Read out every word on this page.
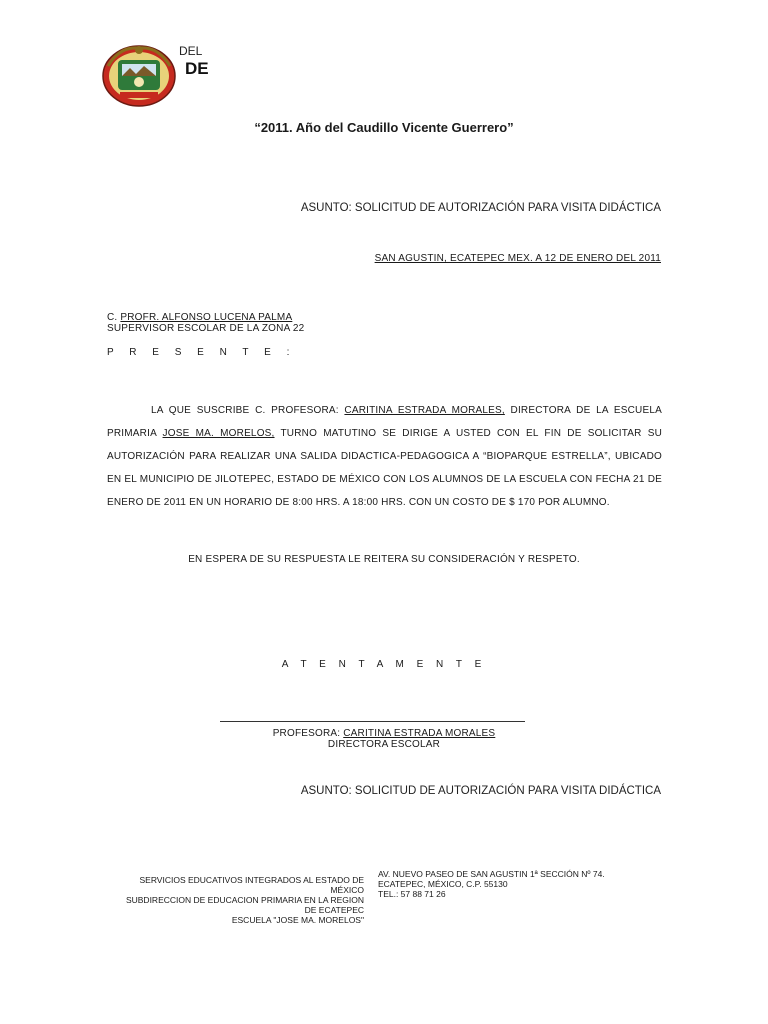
DEL
DE
“2011. Año del Caudillo Vicente Guerrero”
ASUNTO: SOLICITUD DE AUTORIZACIÓN PARA VISITA DIDÁCTICA
SAN AGUSTIN, ECATEPEC MEX. A 12 DE ENERO DEL 2011
C. PROFR. ALFONSO LUCENA PALMA
SUPERVISOR ESCOLAR DE LA ZONA 22
P R E S E N T E :

LA QUE SUSCRIBE C. PROFESORA: CARITINA ESTRADA MORALES, DIRECTORA DE LA ESCUELA PRIMARIA JOSE MA. MORELOS, TURNO MATUTINO SE DIRIGE A USTED CON EL FIN DE SOLICITAR SU AUTORIZACIÓN PARA REALIZAR UNA SALIDA DIDACTICA-PEDAGOGICA A “BIOPARQUE ESTRELLA”, UBICADO EN EL MUNICIPIO DE JILOTEPEC, ESTADO DE MÉXICO CON LOS ALUMNOS DE LA ESCUELA CON FECHA 21 DE ENERO DE 2011 EN UN HORARIO DE 8:00 HRS. A 18:00 HRS. CON UN COSTO DE $ 170 POR ALUMNO.

EN ESPERA DE SU RESPUESTA LE REITERA SU CONSIDERACIÓN Y RESPETO.
A T E N T A M E N T E
PROFESORA: CARITINA ESTRADA MORALES
DIRECTORA ESCOLAR
ASUNTO: SOLICITUD DE AUTORIZACIÓN PARA VISITA DIDÁCTICA
SERVICIOS EDUCATIVOS INTEGRADOS AL ESTADO DE
MÉXICO
SUBDIRECCION DE EDUCACION PRIMARIA EN LA REGION
DE ECATEPEC
ESCUELA "JOSE MA. MORELOS"
AV. NUEVO PASEO DE SAN AGUSTIN 1ª SECCIÓN Nº 74.
ECATEPEC, MÉXICO, C.P. 55130
TEL.: 57 88 71 26
